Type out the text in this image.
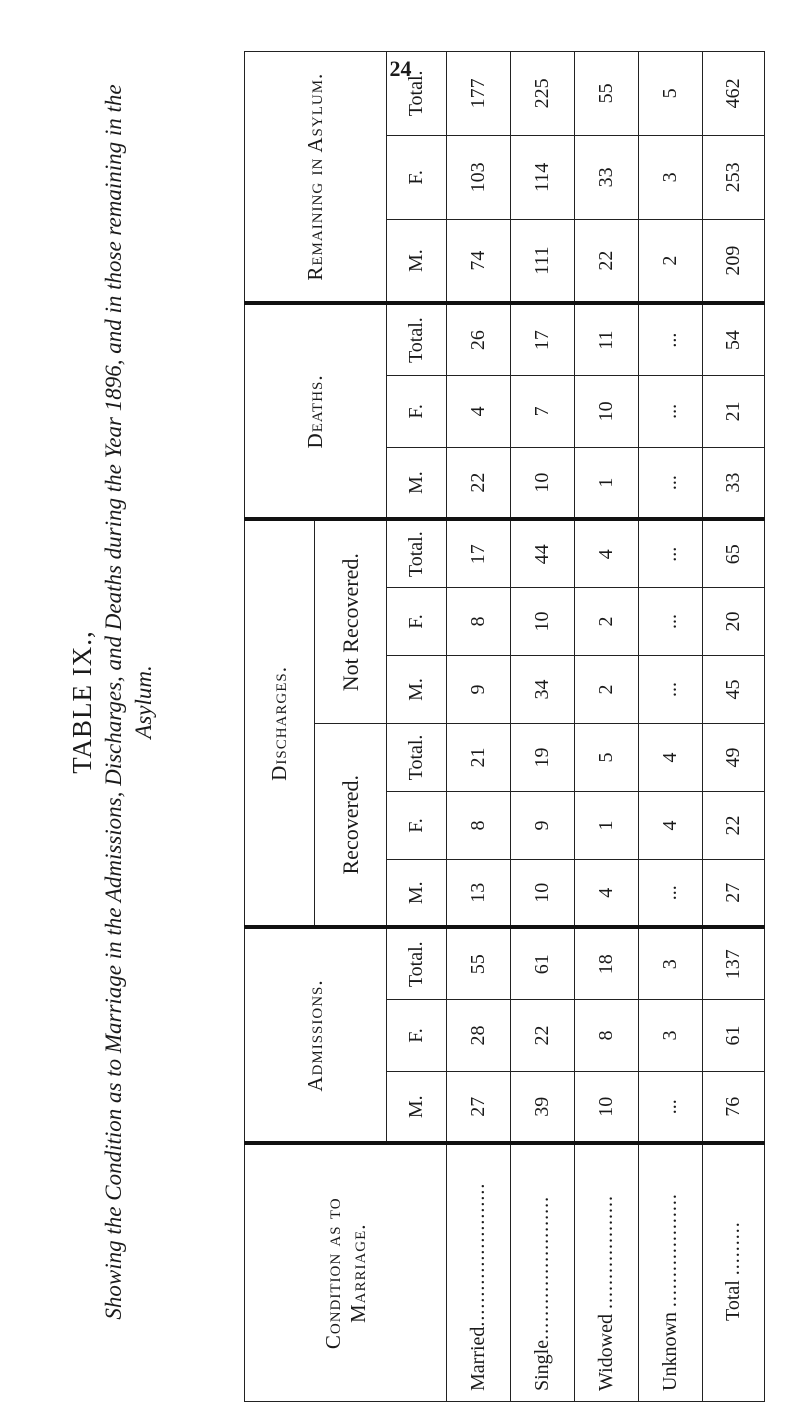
24
TABLE IX., Showing the Condition as to Marriage in the Admissions, Discharges, and Deaths during the Year 1896, and in those remaining in the Asylum.
Condition as to Marriage.	Admissions.			Discharges.						Deaths.			Remaining in Asylum.		
				Recovered.			Not Recovered.								
	M.	F.	Total.	M.	F.	Total.	M.	F.	Total.	M.	F.	Total.	M.	F.	Total.
Married........................	27	28	55	13	8	21	9	8	17	22	4	26	74	103	177
Single........................	39	22	61	10	9	19	34	10	44	10	7	17	111	114	225
Widowed ...................	10	8	18	4	1	5	2	2	4	1	10	11	22	33	55
Unknown ...................	...	3	3	...	4	4	...	...	...	...	...	...	2	3	5
Total .........	76	61	137	27	22	49	45	20	65	33	21	54	209	253	462
